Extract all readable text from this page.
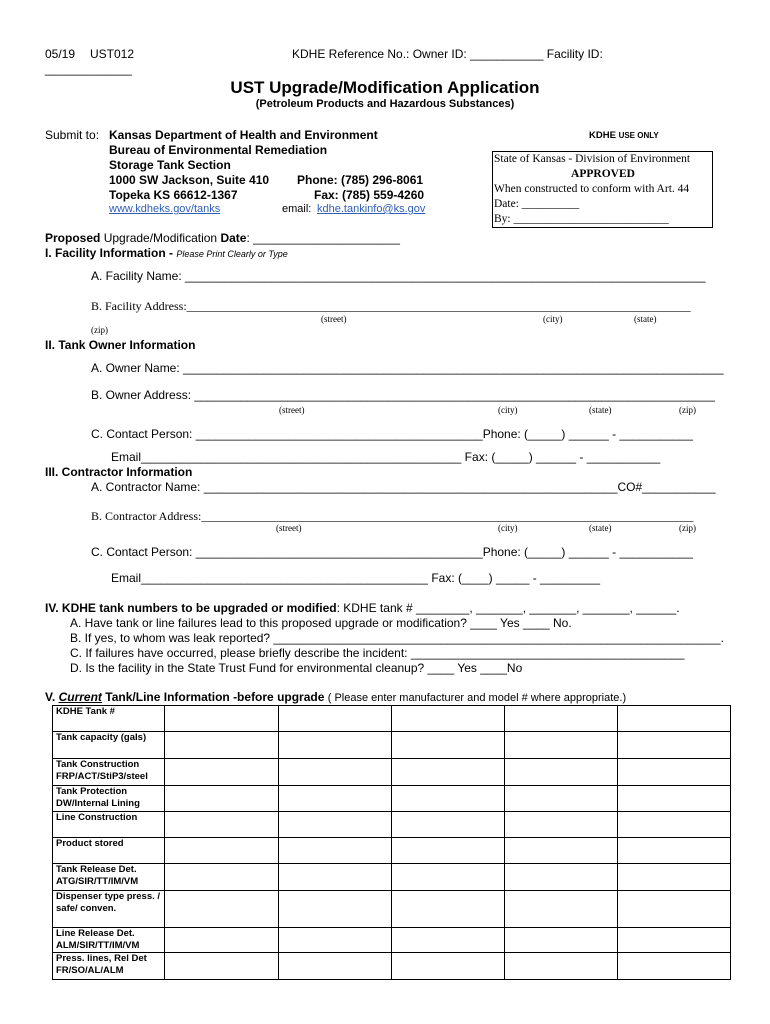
05/19 UST012	KDHE Reference No.: Owner ID: ___________ Facility ID:
_____________
UST Upgrade/Modification Application
(Petroleum Products and Hazardous Substances)
Submit to: Kansas Department of Health and Environment
Bureau of Environmental Remediation
Storage Tank Section
1000 SW Jackson, Suite 410 Phone: (785) 296-8061
Topeka KS 66612-1367	Fax: (785) 559-4260
www.kdheks.gov/tanks	email: kdhe.tankinfo@ks.gov
KDHE USE ONLY
State of Kansas - Division of Environment
APPROVED
When constructed to conform with Art. 44
Date: __________
By: ___________________________
Proposed Upgrade/Modification Date: ______________________
I. Facility Information - Please Print Clearly or Type
A. Facility Name: ______________________________________________________________________________
B. Facility Address:____________________________________________________________________________________
(street)	(city)	(state)
(zip)
II. Tank Owner Information
A. Owner Name: _________________________________________________________________________________
B. Owner Address: ______________________________________________________________________________
(street)	(city)	(state)	(zip)
C. Contact Person: ___________________________________________Phone: (_____) ______ - ___________
Email________________________________________________ Fax: (_____) ______ - ___________
III. Contractor Information
A. Contractor Name: ______________________________________________________________CO#___________
B. Contractor Address:__________________________________________________________________________________
(street)	(city)	(state)	(zip)
C. Contact Person: ___________________________________________Phone: (_____) ______ - ___________
Email___________________________________________ Fax: (____) _____ - _________
IV. KDHE tank numbers to be upgraded or modified: KDHE tank # ________, _______, _______, _______, ______.
A. Have tank or line failures lead to this proposed upgrade or modification? ____ Yes ____ No.
B. If yes, to whom was leak reported? ___________________________________________________________________.
C. If failures have occurred, please briefly describe the incident: _________________________________________
D. Is the facility in the State Trust Fund for environmental cleanup? ____ Yes ____No
V. Current Tank/Line Information -before upgrade ( Please enter manufacturer and model # where appropriate.)
KDHE Tank #					
Tank capacity (gals)					
Tank Construction FRP/ACT/StiP3/steel					
Tank Protection DW/Internal Lining					
Line Construction					
Product stored					
Tank Release Det. ATG/SIR/TT/IM/VM					
Dispenser type press. / safe/ conven.					
Line Release Det. ALM/SIR/TT/IM/VM					
Press. lines, Rel Det FR/SO/AL/ALM					
